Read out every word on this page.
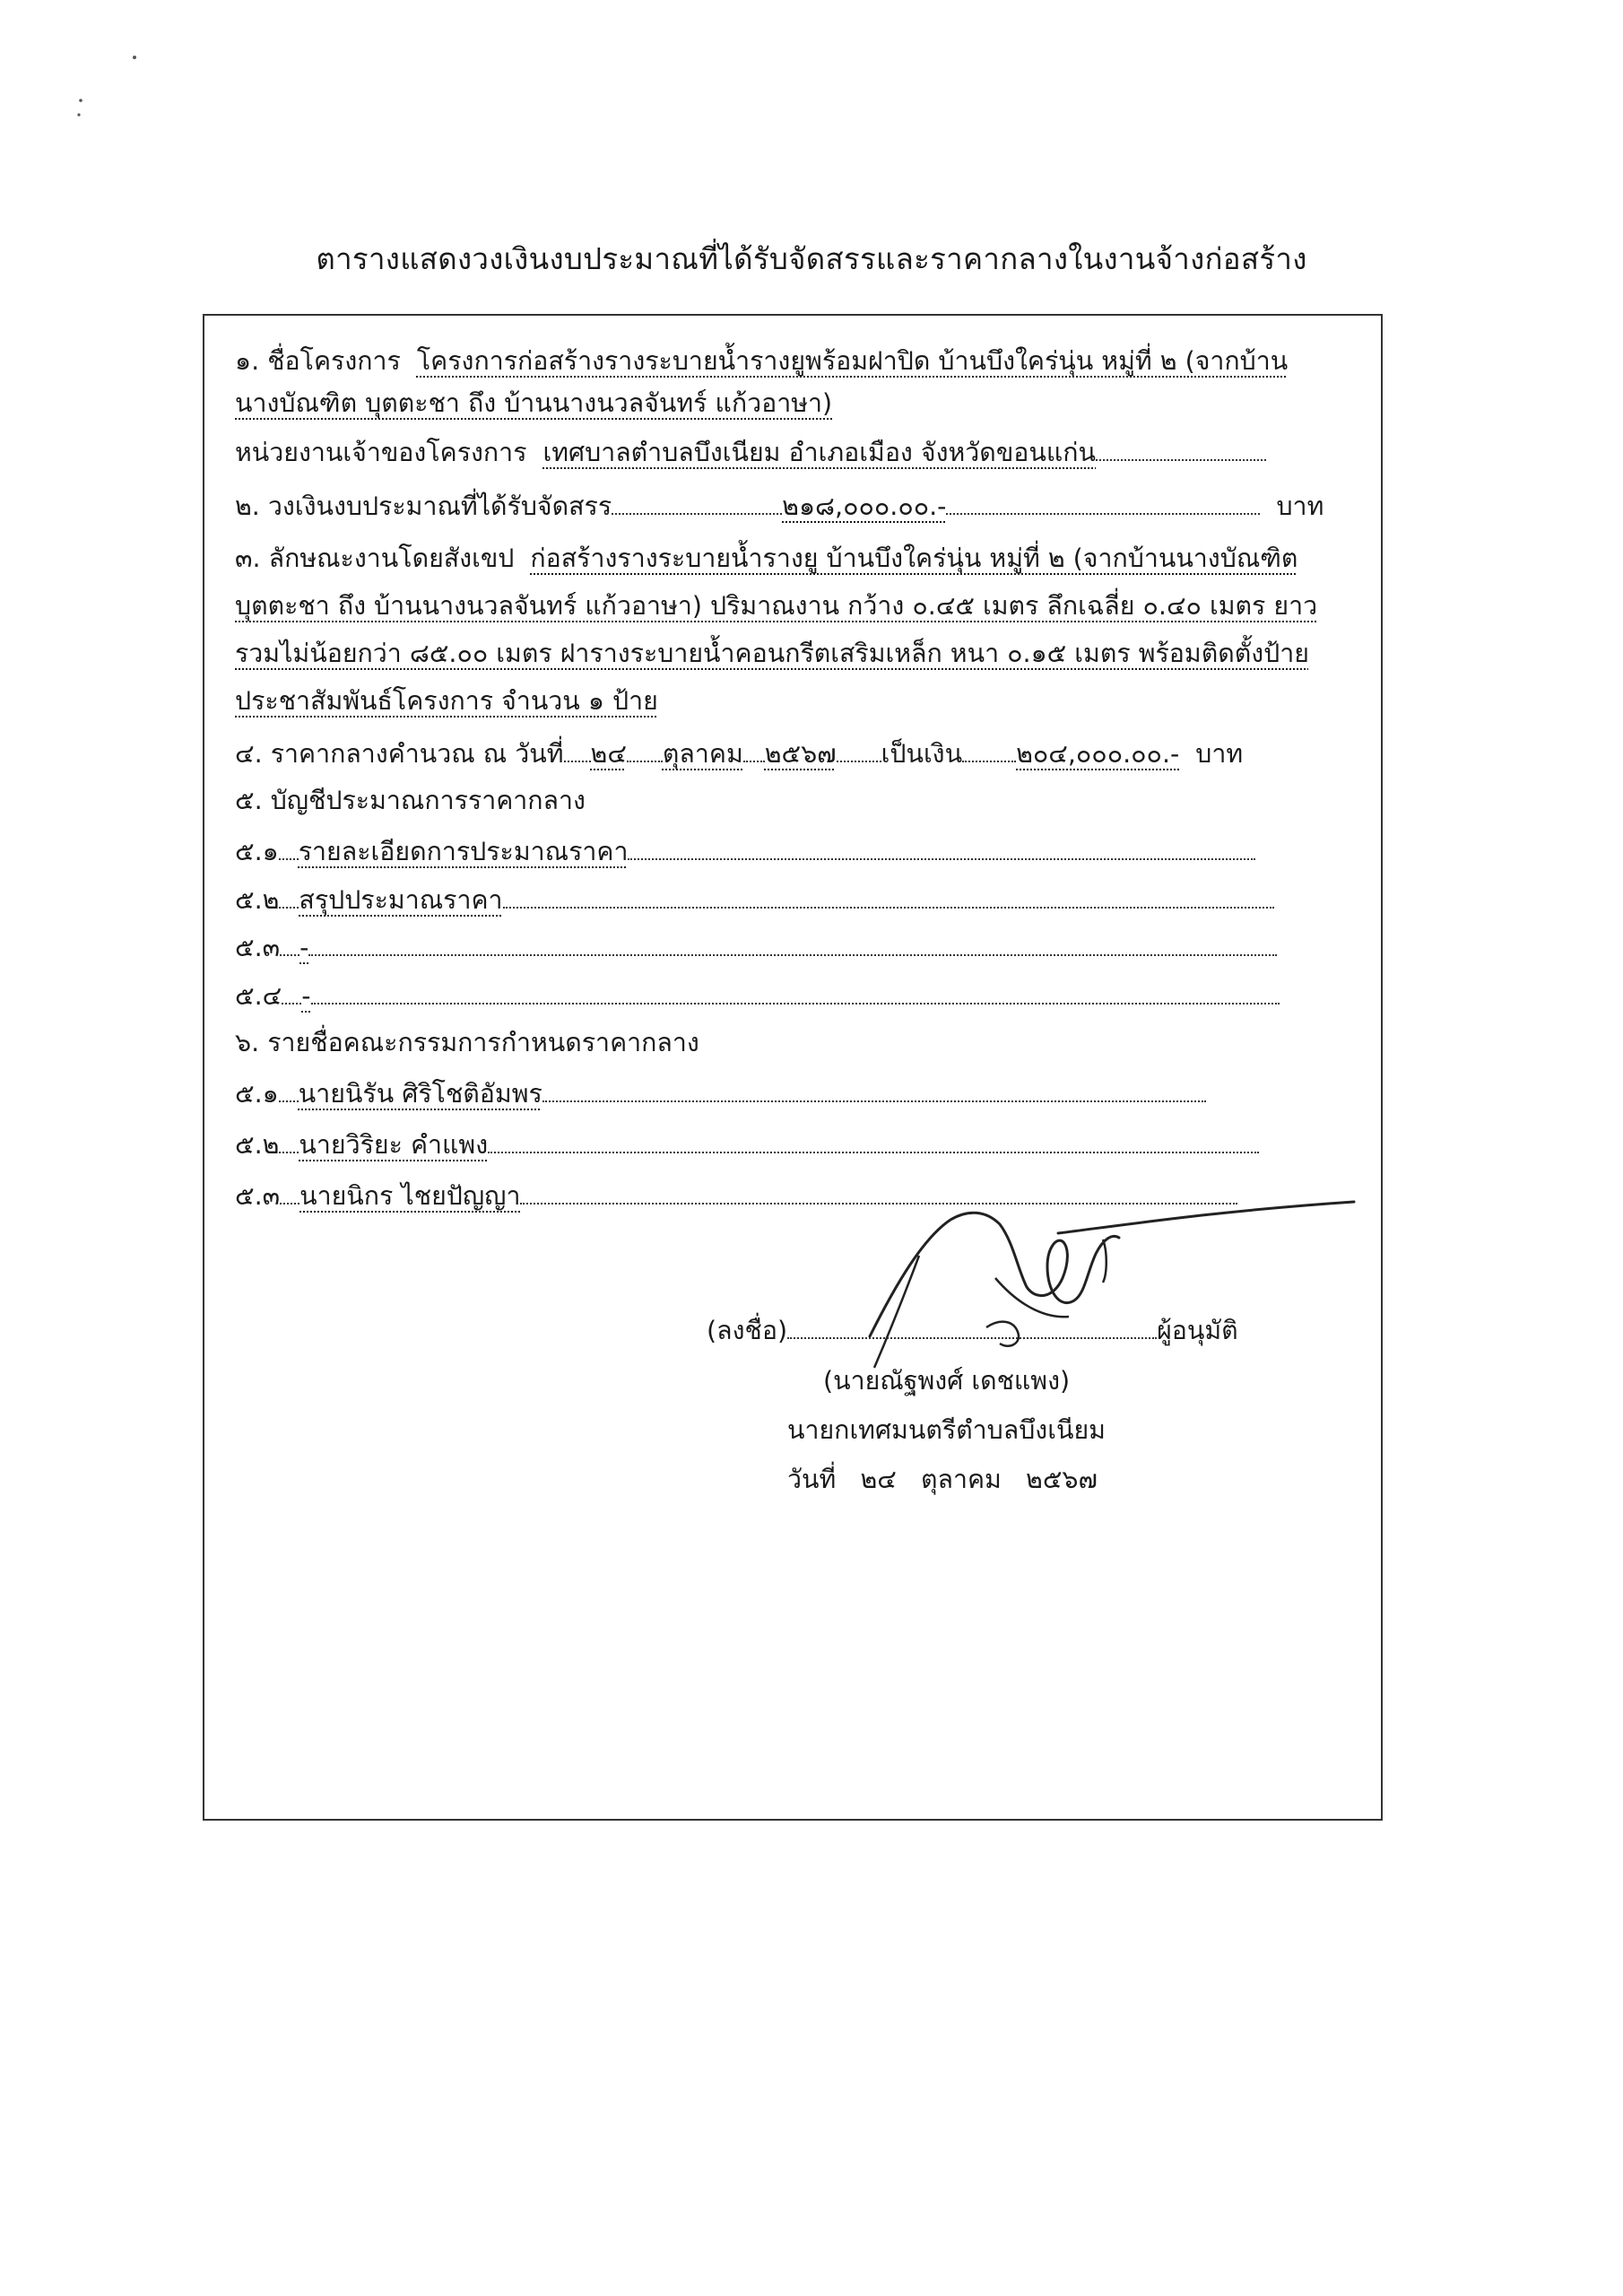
ตารางแสดงวงเงินงบประมาณที่ได้รับจัดสรรและราคากลางในงานจ้างก่อสร้าง
๑. ชื่อโครงการ โครงการก่อสร้างรางระบายน้ำรางยูพร้อมฝาปิด บ้านบึงใคร่นุ่น หมู่ที่ ๒ (จากบ้าน
นางบัณฑิต บุตตะชา ถึง บ้านนางนวลจันทร์ แก้วอาษา)
หน่วยงานเจ้าของโครงการ เทศบาลตำบลบึงเนียม อำเภอเมือง จังหวัดขอนแก่น
๒. วงเงินงบประมาณที่ได้รับจัดสรร	๒๑๘,๐๐๐.๐๐.-	บาท
๓. ลักษณะงานโดยสังเขป ก่อสร้างรางระบายน้ำรางยู บ้านบึงใคร่นุ่น หมู่ที่ ๒ (จากบ้านนางบัณฑิต
บุตตะชา ถึง บ้านนางนวลจันทร์ แก้วอาษา) ปริมาณงาน กว้าง ๐.๔๕ เมตร ลึกเฉลี่ย ๐.๔๐ เมตร ยาว
รวมไม่น้อยกว่า ๘๕.๐๐ เมตร ฝารางระบายน้ำคอนกรีตเสริมเหล็ก หนา ๐.๑๕ เมตร พร้อมติดตั้งป้าย
ประชาสัมพันธ์โครงการ จำนวน ๑ ป้าย
๔. ราคากลางคำนวณ ณ วันที่ ๒๔ ตุลาคม ๒๕๖๗ เป็นเงิน ๒๐๔,๐๐๐.๐๐.- บาท
๕. บัญชีประมาณการราคากลาง
๕.๑ รายละเอียดการประมาณราคา
๕.๒ สรุปประมาณราคา
๕.๓ -
๕.๔ -
๖. รายชื่อคณะกรรมการกำหนดราคากลาง
๕.๑ นายนิรัน ศิริโชติอัมพร
๕.๒ นายวิริยะ คำแพง
๕.๓ นายนิกร ไชยปัญญา
(ลงชื่อ)	ผู้อนุมัติ
(นายณัฐพงศ์ เดชแพง)
นายกเทศมนตรีตำบลบึงเนียม
วันที่ ๒๔ ตุลาคม ๒๕๖๗
